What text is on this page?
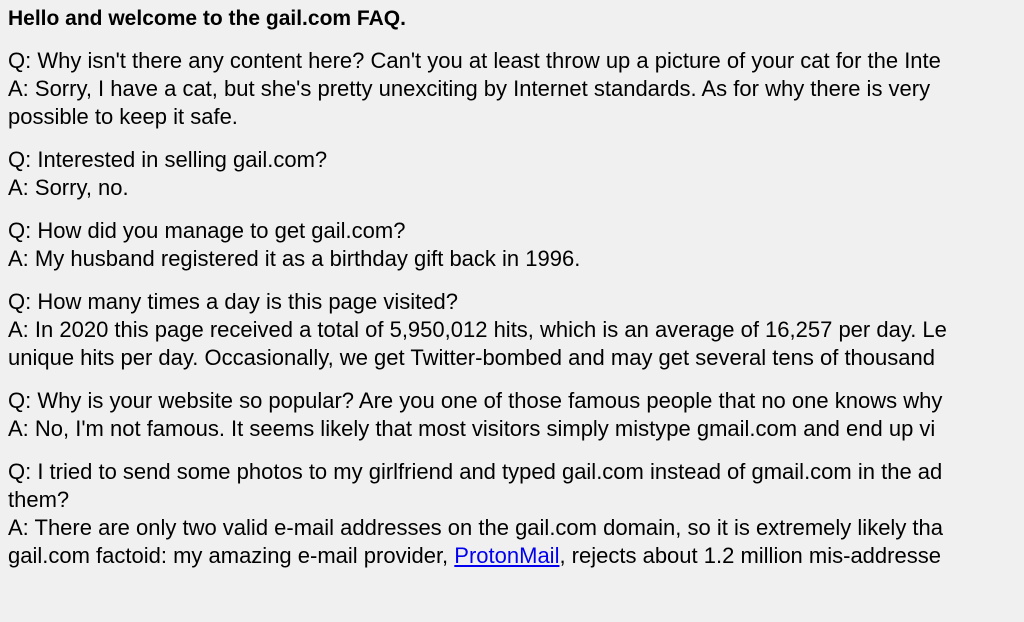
Hello and welcome to the gail.com FAQ.
Q: Why isn't there any content here? Can't you at least throw up a picture of your cat for the Inte
A: Sorry, I have a cat, but she's pretty unexciting by Internet standards. As for why there is very
possible to keep it safe.
Q: Interested in selling gail.com?
A: Sorry, no.
Q: How did you manage to get gail.com?
A: My husband registered it as a birthday gift back in 1996.
Q: How many times a day is this page visited?
A: In 2020 this page received a total of 5,950,012 hits, which is an average of 16,257 per day. Le
unique hits per day. Occasionally, we get Twitter-bombed and may get several tens of thousand
Q: Why is your website so popular? Are you one of those famous people that no one knows why
A: No, I'm not famous. It seems likely that most visitors simply mistype gmail.com and end up vi
Q: I tried to send some photos to my girlfriend and typed gail.com instead of gmail.com in the ad
them?
A: There are only two valid e-mail addresses on the gail.com domain, so it is extremely likely tha
gail.com factoid: my amazing e-mail provider, ProtonMail, rejects about 1.2 million mis-addresse
